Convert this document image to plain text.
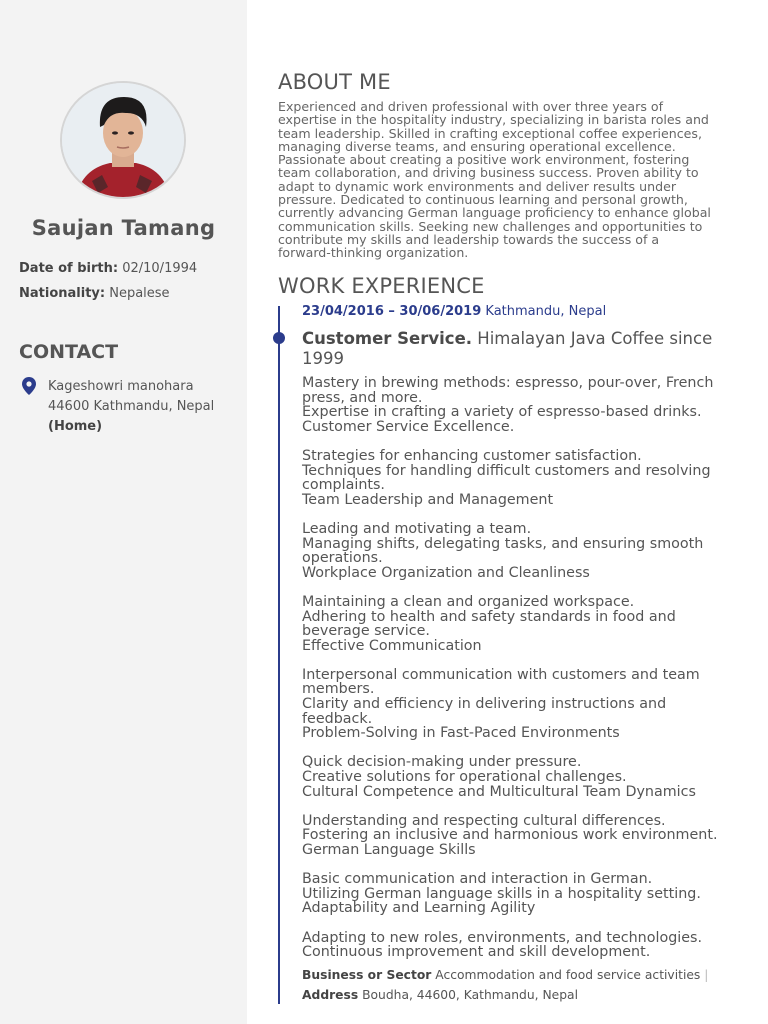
Saujan Tamang
Date of birth: 02/10/1994
Nationality: Nepalese
CONTACT
Kageshowri manohara
44600 Kathmandu, Nepal
(Home)
ABOUT ME
Experienced and driven professional with over three years of
expertise in the hospitality industry, specializing in barista roles and
team leadership. Skilled in crafting exceptional coffee experiences,
managing diverse teams, and ensuring operational excellence.
Passionate about creating a positive work environment, fostering
team collaboration, and driving business success. Proven ability to
adapt to dynamic work environments and deliver results under
pressure. Dedicated to continuous learning and personal growth,
currently advancing German language proficiency to enhance global
communication skills. Seeking new challenges and opportunities to
contribute my skills and leadership towards the success of a
forward-thinking organization.
WORK EXPERIENCE
23/04/2016 – 30/06/2019 Kathmandu, Nepal
Customer Service. Himalayan Java Coffee since 1999
Mastery in brewing methods: espresso, pour-over, French
press, and more.
Expertise in crafting a variety of espresso-based drinks.
Customer Service Excellence.
Strategies for enhancing customer satisfaction.
Techniques for handling difficult customers and resolving
complaints.
Team Leadership and Management
Leading and motivating a team.
Managing shifts, delegating tasks, and ensuring smooth
operations.
Workplace Organization and Cleanliness
Maintaining a clean and organized workspace.
Adhering to health and safety standards in food and
beverage service.
Effective Communication
Interpersonal communication with customers and team
members.
Clarity and efficiency in delivering instructions and
feedback.
Problem-Solving in Fast-Paced Environments
Quick decision-making under pressure.
Creative solutions for operational challenges.
Cultural Competence and Multicultural Team Dynamics
Understanding and respecting cultural differences.
Fostering an inclusive and harmonious work environment.
German Language Skills
Basic communication and interaction in German.
Utilizing German language skills in a hospitality setting.
Adaptability and Learning Agility
Adapting to new roles, environments, and technologies.
Continuous improvement and skill development.
Business or Sector Accommodation and food service activities |
Address Boudha, 44600, Kathmandu, Nepal
